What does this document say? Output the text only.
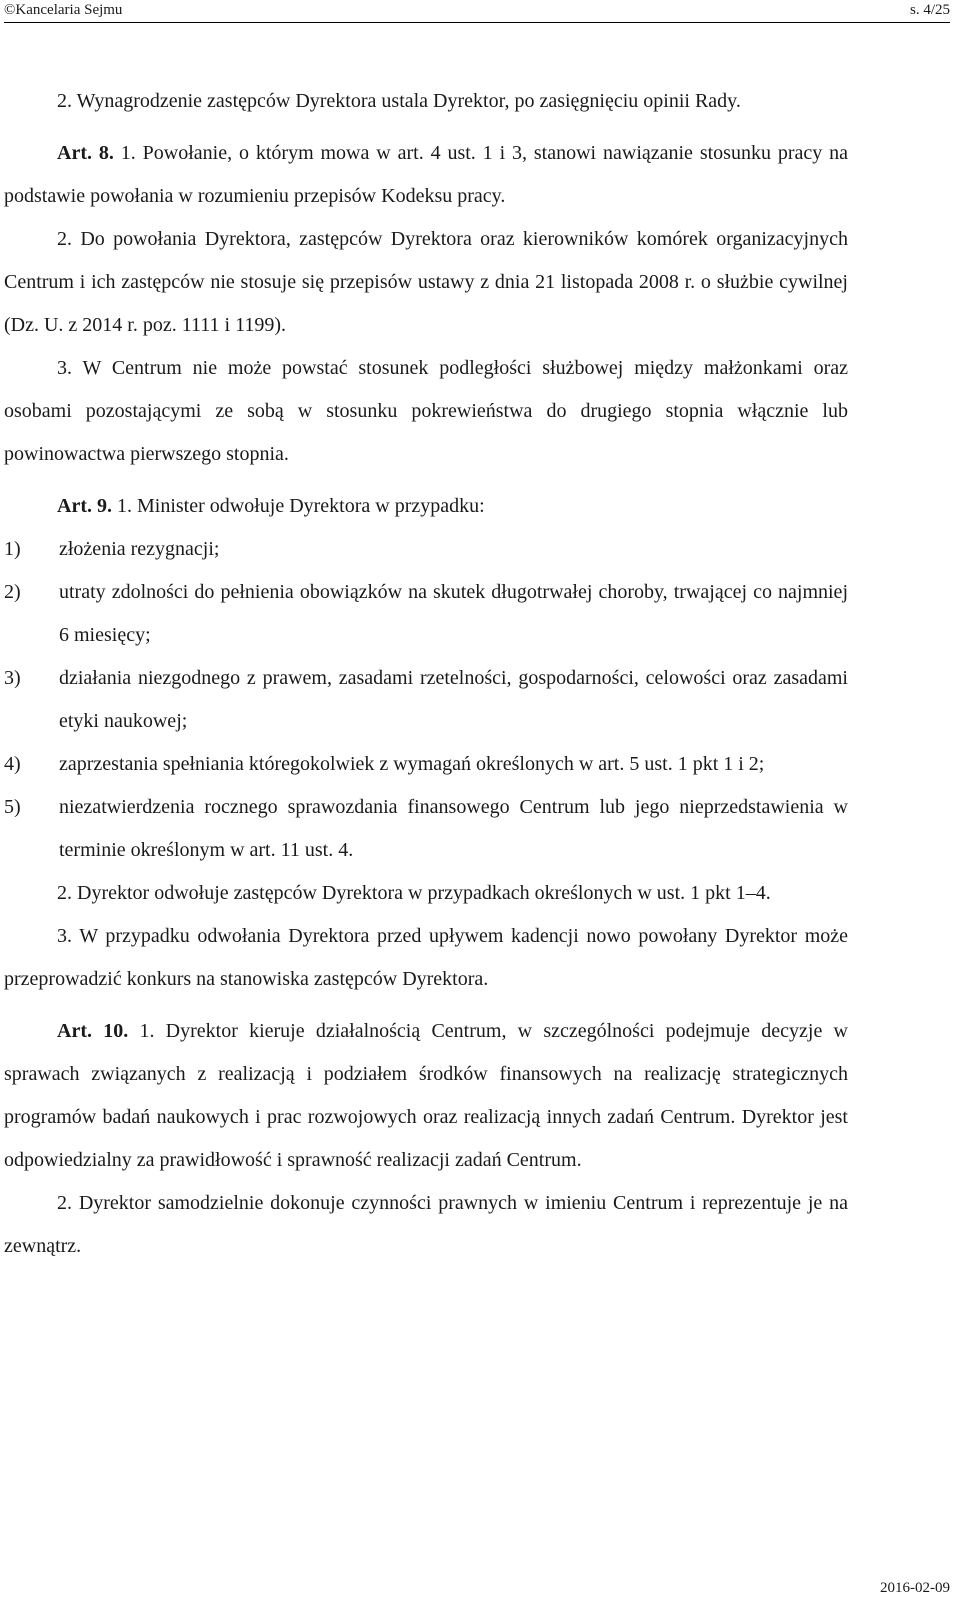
©Kancelaria Sejmu	s. 4/25

2. Wynagrodzenie zastępców Dyrektora ustala Dyrektor, po zasięgnięciu opinii Rady.

Art. 8. 1. Powołanie, o którym mowa w art. 4 ust. 1 i 3, stanowi nawiązanie stosunku pracy na podstawie powołania w rozumieniu przepisów Kodeksu pracy.

2. Do powołania Dyrektora, zastępców Dyrektora oraz kierowników komórek organizacyjnych Centrum i ich zastępców nie stosuje się przepisów ustawy z dnia 21 listopada 2008 r. o służbie cywilnej (Dz. U. z 2014 r. poz. 1111 i 1199).

3. W Centrum nie może powstać stosunek podległości służbowej między małżonkami oraz osobami pozostającymi ze sobą w stosunku pokrewieństwa do drugiego stopnia włącznie lub powinowactwa pierwszego stopnia.

Art. 9. 1. Minister odwołuje Dyrektora w przypadku:

1) złożenia rezygnacji;
2) utraty zdolności do pełnienia obowiązków na skutek długotrwałej choroby, trwającej co najmniej 6 miesięcy;
3) działania niezgodnego z prawem, zasadami rzetelności, gospodarności, celowości oraz zasadami etyki naukowej;
4) zaprzestania spełniania któregokolwiek z wymagań określonych w art. 5 ust. 1 pkt 1 i 2;
5) niezatwierdzenia rocznego sprawozdania finansowego Centrum lub jego nieprzedstawienia w terminie określonym w art. 11 ust. 4.

2. Dyrektor odwołuje zastępców Dyrektora w przypadkach określonych w ust. 1 pkt 1–4.

3. W przypadku odwołania Dyrektora przed upływem kadencji nowo powołany Dyrektor może przeprowadzić konkurs na stanowiska zastępców Dyrektora.

Art. 10. 1. Dyrektor kieruje działalnością Centrum, w szczególności podejmuje decyzje w sprawach związanych z realizacją i podziałem środków finansowych na realizację strategicznych programów badań naukowych i prac rozwojowych oraz realizacją innych zadań Centrum. Dyrektor jest odpowiedzialny za prawidłowość i sprawność realizacji zadań Centrum.

2. Dyrektor samodzielnie dokonuje czynności prawnych w imieniu Centrum i reprezentuje je na zewnątrz.

2016-02-09
